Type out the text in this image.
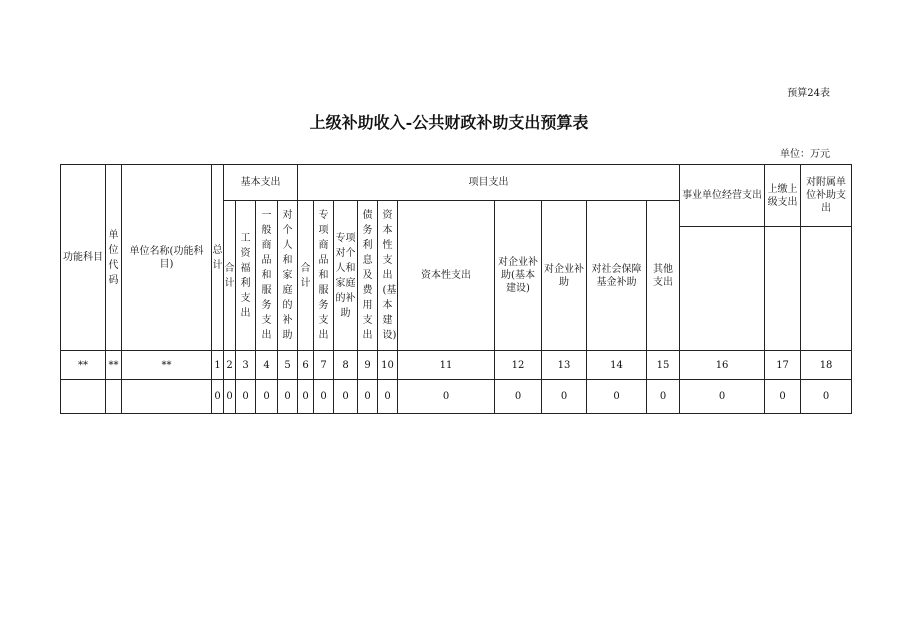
预算24表
上级补助收入-公共财政补助支出预算表
单位：万元
功能科目	单位代码	单位名称(功能科目)	总计	基本支出				项目支出										事业单位经营支出	上缴上级支出	对附属单位补助支出
				合计	工资福利支出	一般商品和服务支出	对个人和家庭的补助	合计	专项商品和服务支出	专项对个人和家庭的补助	债务利息及费用支出	资本性支出(基本建设)	资本性支出	对企业补助(基本建设)	对企业补助	对社会保障基金补助	其他支出			

**	**	**	1	2	3	4	5	6	7	8	9	10	11	12	13	14	15	16	17	18
			0	0	0	0	0	0	0	0	0	0	0	0	0	0	0	0	0	0
